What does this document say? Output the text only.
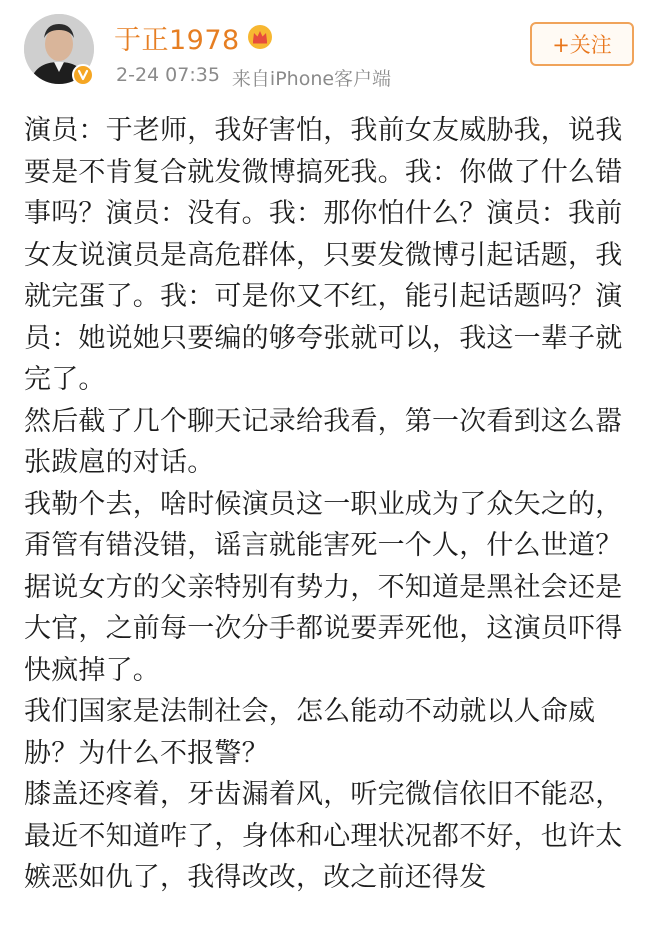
于正1978
2-24 07:35 来自iPhone客户端
+关注

演员：于老师，我好害怕，我前女友威胁我，说我要是不肯复合就发微博搞死我。我：你做了什么错事吗？演员：没有。我：那你怕什么？演员：我前女友说演员是高危群体，只要发微博引起话题，我就完蛋了。我：可是你又不红，能引起话题吗？演员：她说她只要编的够夸张就可以，我这一辈子就完了。

然后截了几个聊天记录给我看，第一次看到这么嚣张跋扈的对话。

我勒个去，啥时候演员这一职业成为了众矢之的，甭管有错没错，谣言就能害死一个人，什么世道？

据说女方的父亲特别有势力，不知道是黑社会还是大官，之前每一次分手都说要弄死他，这演员吓得快疯掉了。

我们国家是法制社会，怎么能动不动就以人命威胁？为什么不报警？

膝盖还疼着，牙齿漏着风，听完微信依旧不能忍，最近不知道咋了，身体和心理状况都不好，也许太嫉恶如仇了，我得改改，改之前还得发
